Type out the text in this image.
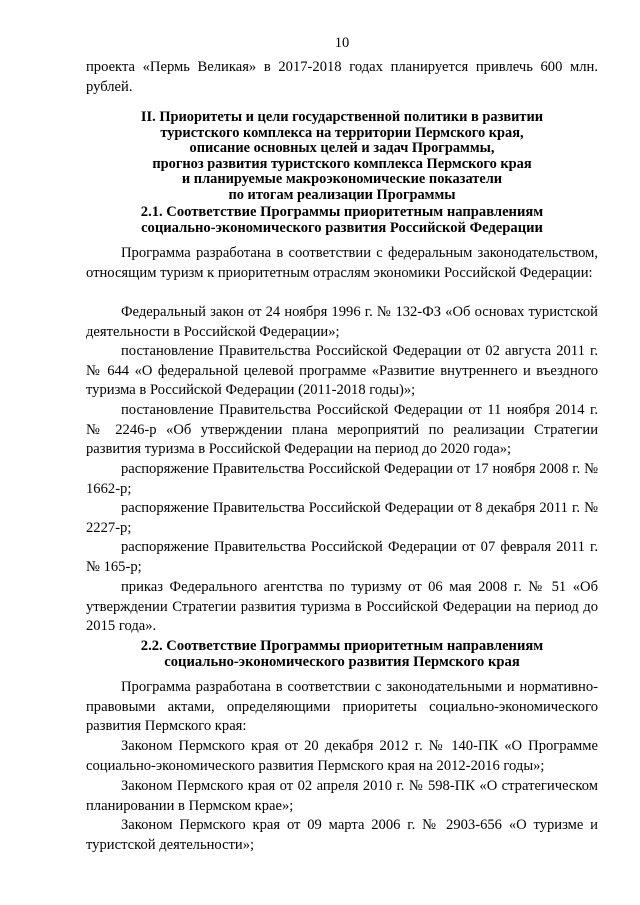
10

проекта «Пермь Великая» в 2017-2018 годах планируется привлечь 600 млн. рублей.

II. Приоритеты и цели государственной политики в развитии
туристского комплекса на территории Пермского края,
описание основных целей и задач Программы,
прогноз развития туристского комплекса Пермского края
и планируемые макроэкономические показатели
по итогам реализации Программы
2.1. Соответствие Программы приоритетным направлениям
социально-экономического развития Российской Федерации

Программа разработана в соответствии с федеральным законодательством, относящим туризм к приоритетным отраслям экономики Российской Федерации:

Федеральный закон от 24 ноября 1996 г. № 132-ФЗ «Об основах туристской деятельности в Российской Федерации»;

постановление Правительства Российской Федерации от 02 августа 2011 г. № 644 «О федеральной целевой программе «Развитие внутреннего и въездного туризма в Российской Федерации (2011-2018 годы)»;

постановление Правительства Российской Федерации от 11 ноября 2014 г. № 2246-р «Об утверждении плана мероприятий по реализации Стратегии развития туризма в Российской Федерации на период до 2020 года»;

распоряжение Правительства Российской Федерации от 17 ноября 2008 г. № 1662-р;

распоряжение Правительства Российской Федерации от 8 декабря 2011 г. № 2227-р;

распоряжение Правительства Российской Федерации от 07 февраля 2011 г. № 165-р;

приказ Федерального агентства по туризму от 06 мая 2008 г. № 51 «Об утверждении Стратегии развития туризма в Российской Федерации на период до 2015 года».

2.2. Соответствие Программы приоритетным направлениям
социально-экономического развития Пермского края

Программа разработана в соответствии с законодательными и нормативно-правовыми актами, определяющими приоритеты социально-экономического развития Пермского края:

Законом Пермского края от 20 декабря 2012 г. № 140-ПК «О Программе социально-экономического развития Пермского края на 2012-2016 годы»;

Законом Пермского края от 02 апреля 2010 г. № 598-ПК «О стратегическом планировании в Пермском крае»;

Законом Пермского края от 09 марта 2006 г. № 2903-656 «О туризме и туристской деятельности»;
